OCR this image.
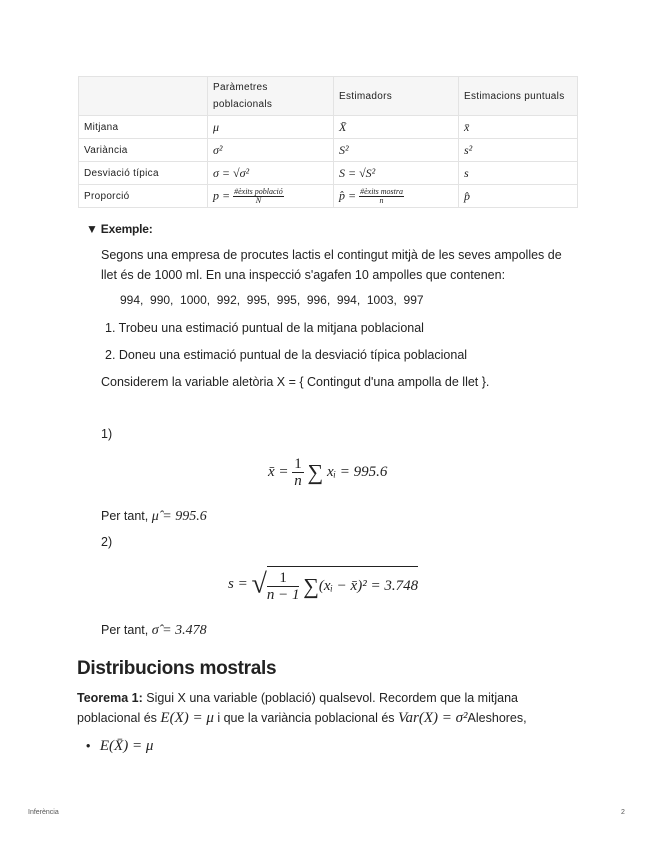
	Paràmetres poblacionals	Estimadors	Estimacions puntuals
Mitjana	μ	X̄	x̄
Variància	σ²	S²	s²
Desviació típica	σ = √σ²	S = √S²	s
Proporció	$p = \frac{\text{\#èxits població}}{N}$	p̂ = $\frac{\text{\#èxits mostra}}{n}$	p̂
▼ Exemple:
Segons una empresa de procutes lactis el contingut mitjà de les seves ampolles de llet és de 1000 ml. En una inspecció s'agafen 10 ampolles que contenen:
994,  990,  1000,  992,  995,  995,  996,  994,  1003,  997
1. Trobeu una estimació puntual de la mitjana poblacional
2. Doneu una estimació puntual de la desviació típica poblacional
Considerem la variable aletòria X = { Contingut d'una ampolla de llet }.
1)
x̄ = $\frac{1}{n}$ ∑ xᵢ = 995.6
Per tant, μ̂ = 995.6
2)
s = √ $\frac{1}{n - 1}$ ∑(xᵢ − x̄)² = 3.748
Per tant, σ̂ = 3.478
Distribucions mostrals
Teorema 1: Sigui X una variable (població) qualsevol. Recordem que la mitjana
poblacional és E(X) = μ i que la variància poblacional és Var(X) = σ²Aleshores,
• E(X̄) = μ
Inferència	2
